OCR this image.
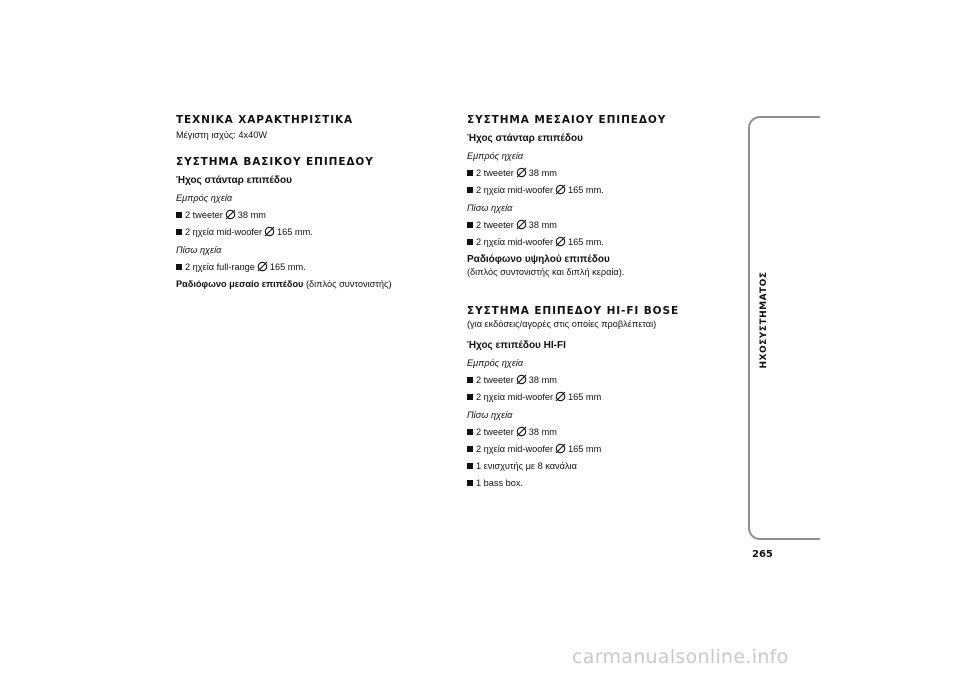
ΤΕΧΝΙΚΑ ΧΑΡΑΚΤΗΡΙΣΤΙΚΑ
Μέγιστη ισχύς: 4x40W
ΣΥΣΤΗΜΑ ΒΑΣΙΚΟΥ ΕΠΙΠΕΔΟΥ
Ήχος στάνταρ επιπέδου
Εμπρός ηχεία
2 tweeter 38 mm
2 ηχεία mid-woofer 165 mm.
Πίσω ηχεία
2 ηχεία full-range 165 mm.
Ραδιόφωνο μεσαίο επιπέδου (διπλός συντονιστής)
ΣΥΣΤΗΜΑ ΜΕΣΑΙΟΥ ΕΠΙΠΕΔΟΥ
Ήχος στάνταρ επιπέδου
Εμπρός ηχεία
2 tweeter 38 mm
2 ηχεία mid-woofer 165 mm.
Πίσω ηχεία
2 tweeter 38 mm
2 ηχεία mid-woofer 165 mm.
Ραδιόφωνο υψηλού επιπέδου
(διπλός συντονιστής και διπλή κεραία).
ΣΥΣΤΗΜΑ ΕΠΙΠΕΔΟΥ HI-FI BOSE
(για εκδόσεις/αγορές στις οποίες προβλέπεται)
Ήχος επιπέδου HI-FI
Εμπρός ηχεία
2 tweeter 38 mm
2 ηχεία mid-woofer 165 mm
Πίσω ηχεία
2 tweeter 38 mm
2 ηχεία mid-woofer 165 mm
1 ενισχυτής με 8 κανάλια
1 bass box.
ΗΧΟΣΥΣΤΗΜΑΤΟΣ
265
carmanualsonline.info
